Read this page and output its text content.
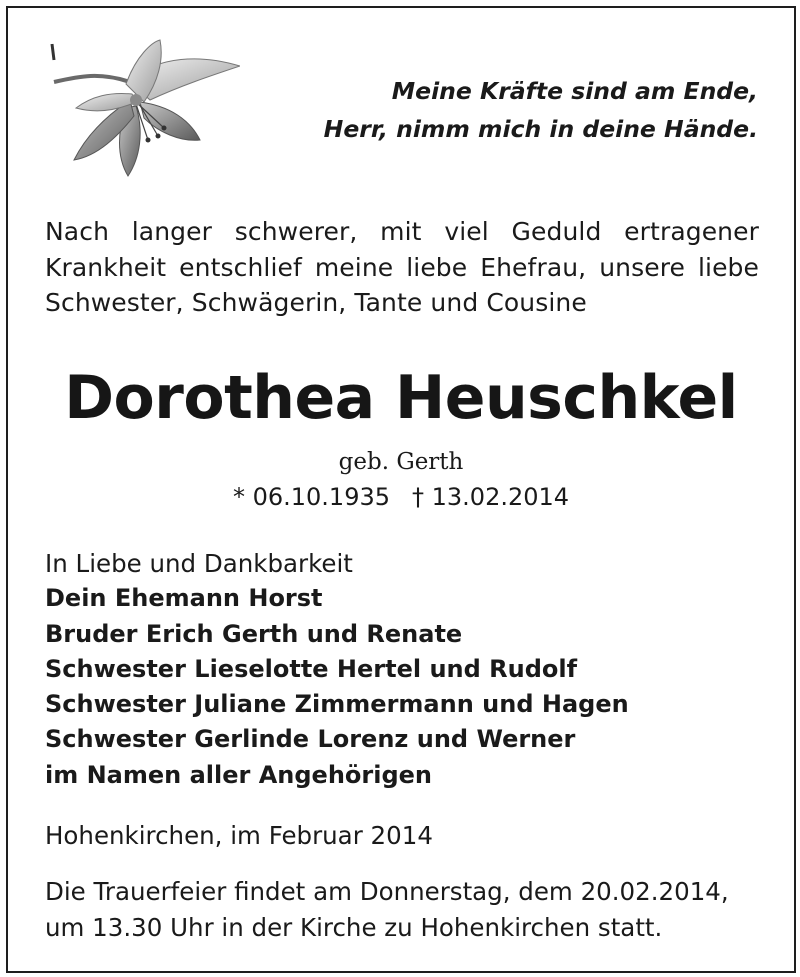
Meine Kräfte sind am Ende,
Herr, nimm mich in deine Hände.
Nach langer schwerer, mit viel Geduld ertragener Krankheit entschlief meine liebe Ehefrau, unsere liebe Schwester, Schwägerin, Tante und Cousine
Dorothea Heuschkel
geb. Gerth
* 06.10.1935 † 13.02.2014
In Liebe und Dankbarkeit
Dein Ehemann Horst
Bruder Erich Gerth und Renate
Schwester Lieselotte Hertel und Rudolf
Schwester Juliane Zimmermann und Hagen
Schwester Gerlinde Lorenz und Werner
im Namen aller Angehörigen
Hohenkirchen, im Februar 2014
Die Trauerfeier findet am Donnerstag, dem 20.02.2014,
um 13.30 Uhr in der Kirche zu Hohenkirchen statt.
